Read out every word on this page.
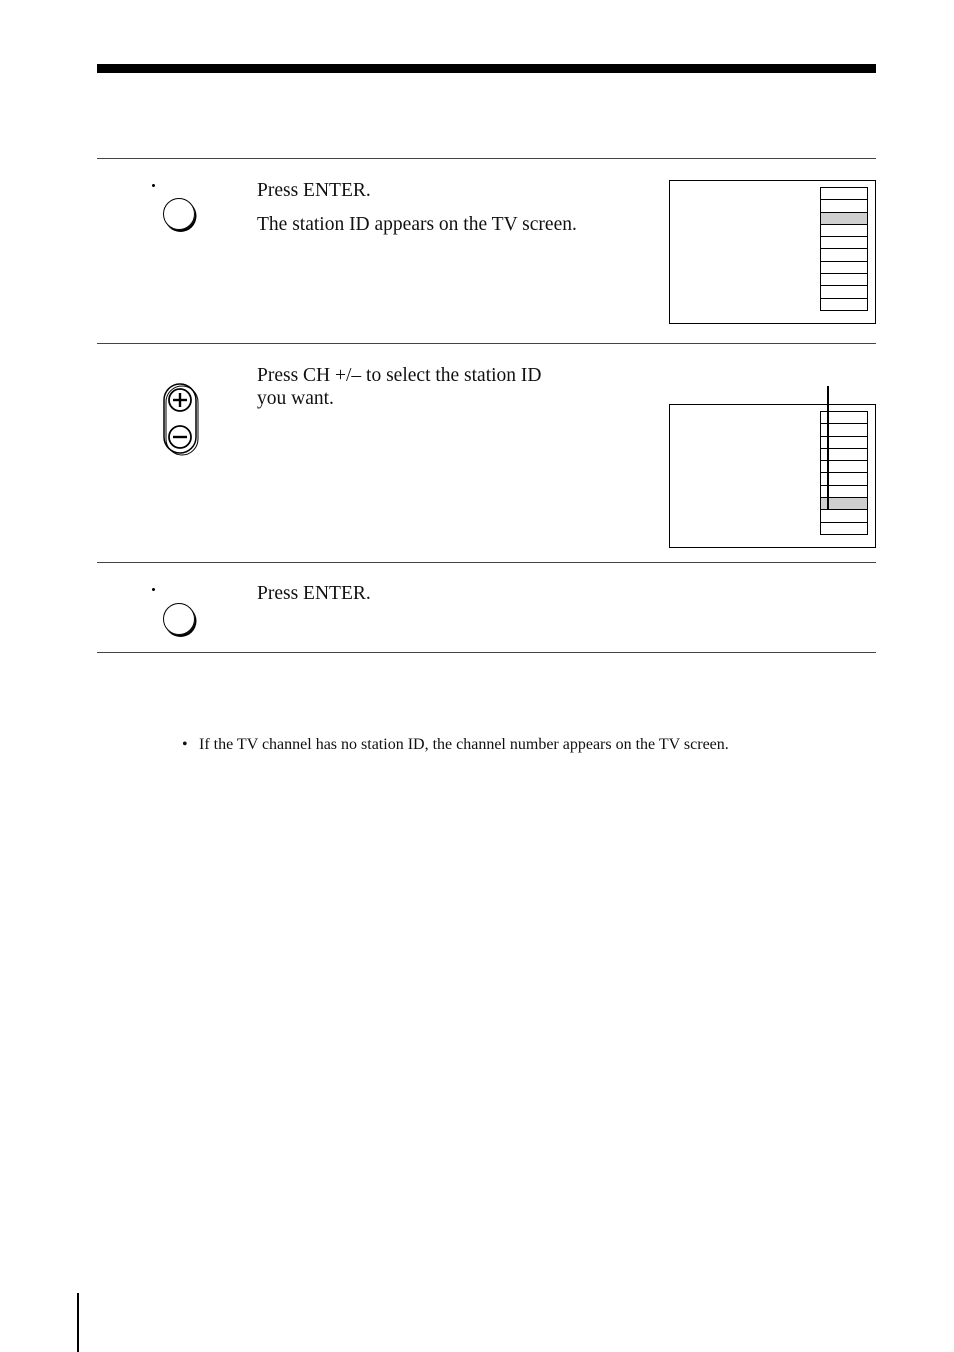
Press ENTER.

The station ID appears on the TV screen.

Press CH +/– to select the station ID

you want.

Press ENTER.

• If the TV channel has no station ID, the channel number appears on the TV screen.
